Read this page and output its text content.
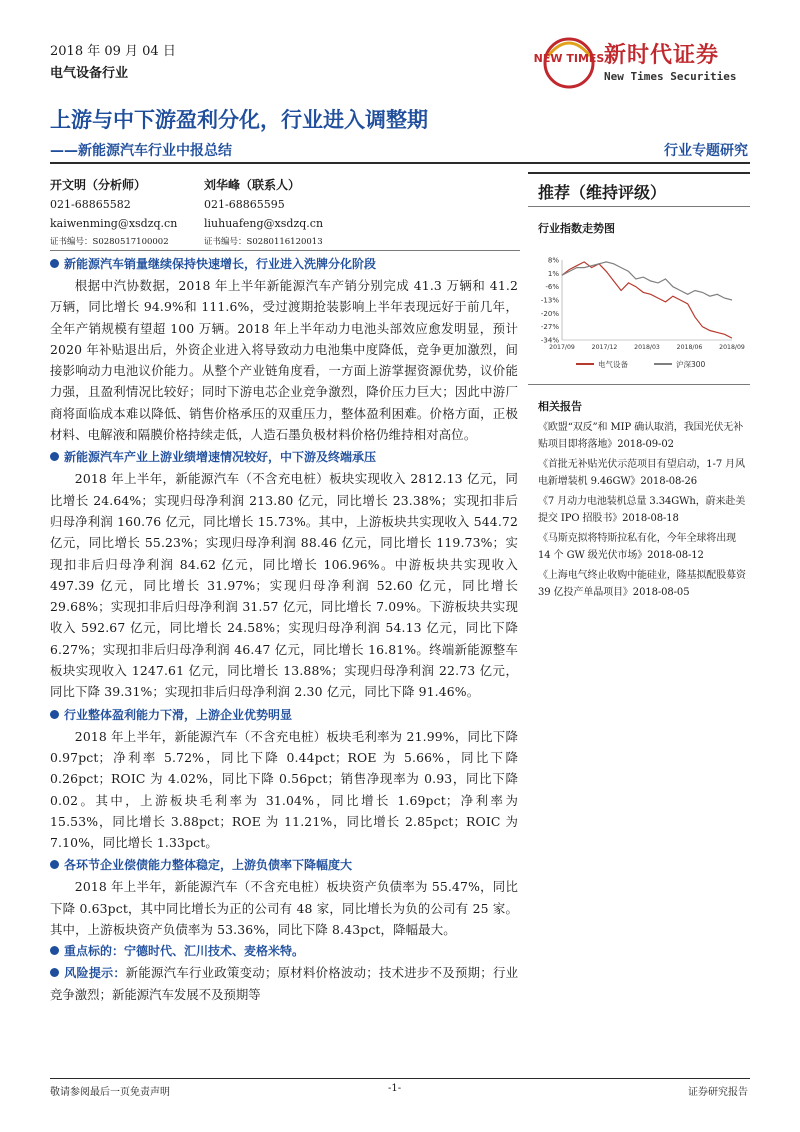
2018 年 09 月 04 日
电气设备行业
NEW TIMES 新时代证券
New Times Securities
上游与中下游盈利分化，行业进入调整期
——新能源汽车行业中报总结	行业专题研究
开文明（分析师）
021-68865582
kaiwenming@xsdzq.cn
证书编号：S0280517100002
刘华峰（联系人）
021-68865595
liuhuafeng@xsdzq.cn
证书编号：S0280116120013
新能源汽车销量继续保持快速增长，行业进入洗牌分化阶段

根据中汽协数据，2018 年上半年新能源汽车产销分别完成 41.3 万辆和 41.2 万辆，同比增长 94.9%和 111.6%，受过渡期抢装影响上半年表现远好于前几年，全年产销规模有望超 100 万辆。2018 年上半年动力电池头部效应愈发明显，预计 2020 年补贴退出后，外资企业进入将导致动力电池集中度降低，竞争更加激烈，间接影响动力电池议价能力。从整个产业链角度看，一方面上游掌握资源优势，议价能力强，且盈利情况比较好；同时下游电芯企业竞争激烈，降价压力巨大；因此中游厂商将面临成本难以降低、销售价格承压的双重压力，整体盈利困难。价格方面，正极材料、电解液和隔膜价格持续走低，人造石墨负极材料价格仍维持相对高位。

新能源汽车产业上游业绩增速情况较好，中下游及终端承压

2018 年上半年，新能源汽车（不含充电桩）板块实现收入 2812.13 亿元，同比增长 24.64%；实现归母净利润 213.80 亿元，同比增长 23.38%；实现扣非后归母净利润 160.76 亿元，同比增长 15.73%。其中，上游板块共实现收入 544.72 亿元，同比增长 55.23%；实现归母净利润 88.46 亿元，同比增长 119.73%；实现扣非后归母净利润 84.62 亿元，同比增长 106.96%。中游板块共实现收入 497.39 亿元，同比增长 31.97%；实现归母净利润 52.60 亿元，同比增长 29.68%；实现扣非后归母净利润 31.57 亿元，同比增长 7.09%。下游板块共实现收入 592.67 亿元，同比增长 24.58%；实现归母净利润 54.13 亿元，同比下降 6.27%；实现扣非后归母净利润 46.47 亿元，同比增长 16.81%。终端新能源整车板块实现收入 1247.61 亿元，同比增长 13.88%；实现归母净利润 22.73 亿元，同比下降 39.31%；实现扣非后归母净利润 2.30 亿元，同比下降 91.46%。

行业整体盈利能力下滑，上游企业优势明显

2018 年上半年，新能源汽车（不含充电桩）板块毛利率为 21.99%，同比下降 0.97pct；净利率 5.72%，同比下降 0.44pct；ROE 为 5.66%，同比下降 0.26pct；ROIC 为 4.02%，同比下降 0.56pct；销售净现率为 0.93，同比下降 0.02。其中，上游板块毛利率为 31.04%，同比增长 1.69pct；净利率为 15.53%，同比增长 3.88pct；ROE 为 11.21%，同比增长 2.85pct；ROIC 为 7.10%，同比增长 1.33pct。

各环节企业偿债能力整体稳定，上游负债率下降幅度大

2018 年上半年，新能源汽车（不含充电桩）板块资产负债率为 55.47%，同比下降 0.63pct，其中同比增长为正的公司有 48 家，同比增长为负的公司有 25 家。其中，上游板块资产负债率为 53.36%，同比下降 8.43pct，降幅最大。

重点标的：宁德时代、汇川技术、麦格米特。
风险提示：新能源汽车行业政策变动；原材料价格波动；技术进步不及预期；行业竞争激烈；新能源汽车发展不及预期等
推荐（维持评级）
行业指数走势图
8%
1%
-6%
-13%
-20%
-27%
-34%
2017/09	2017/12	2018/03	2018/06	2018/09
电气设备	沪深300
相关报告
《欧盟“双反”和 MIP 确认取消，我国光伏无补贴项目即将落地》2018-09-02
《首批无补贴光伏示范项目有望启动，1-7 月风电新增装机 9.46GW》2018-08-26
《7 月动力电池装机总量 3.34GWh，蔚来赴美提交 IPO 招股书》2018-08-18
《马斯克拟将特斯拉私有化，今年全球将出现 14 个 GW 级光伏市场》2018-08-12
《上海电气终止收购中能硅业，隆基拟配股募资 39 亿投产单晶项目》2018-08-05
敬请参阅最后一页免责声明	-1-	证券研究报告
